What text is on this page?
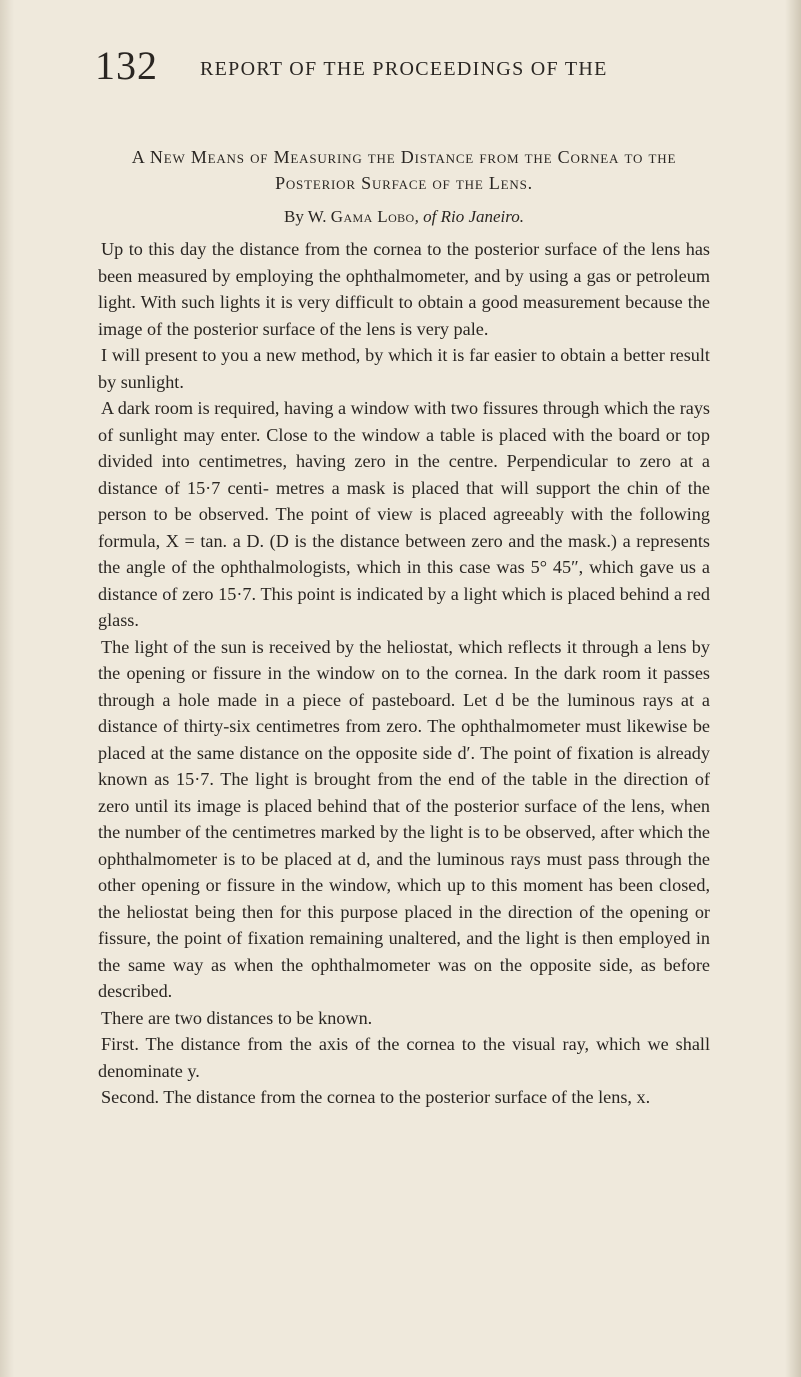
132 REPORT OF THE PROCEEDINGS OF THE
A New Means of Measuring the Distance from the Cornea to the Posterior Surface of the Lens.
By W. Gama Lobo, of Rio Janeiro.

Up to this day the distance from the cornea to the posterior surface of the lens has been measured by employing the ophthalmometer, and by using a gas or petroleum light. With such lights it is very difficult to obtain a good measurement because the image of the posterior surface of the lens is very pale.

I will present to you a new method, by which it is far easier to obtain a better result by sunlight.

A dark room is required, having a window with two fissures through which the rays of sunlight may enter. Close to the window a table is placed with the board or top divided into centimetres, having zero in the centre. Perpendicular to zero at a distance of 15·7 centi- metres a mask is placed that will support the chin of the person to be observed. The point of view is placed agreeably with the following formula, X = tan. a D. (D is the distance between zero and the mask.) a represents the angle of the ophthalmologists, which in this case was 5° 45″, which gave us a distance of zero 15·7. This point is indicated by a light which is placed behind a red glass.

The light of the sun is received by the heliostat, which reflects it through a lens by the opening or fissure in the window on to the cornea. In the dark room it passes through a hole made in a piece of pasteboard. Let d be the luminous rays at a distance of thirty-six centimetres from zero. The ophthalmometer must likewise be placed at the same distance on the opposite side d′. The point of fixation is already known as 15·7. The light is brought from the end of the table in the direction of zero until its image is placed behind that of the posterior surface of the lens, when the number of the centimetres marked by the light is to be observed, after which the ophthalmometer is to be placed at d, and the luminous rays must pass through the other opening or fissure in the window, which up to this moment has been closed, the heliostat being then for this purpose placed in the direction of the opening or fissure, the point of fixation remaining unaltered, and the light is then employed in the same way as when the ophthalmometer was on the opposite side, as before described.

There are two distances to be known.

First. The distance from the axis of the cornea to the visual ray, which we shall denominate y.

Second. The distance from the cornea to the posterior surface of the lens, x.
